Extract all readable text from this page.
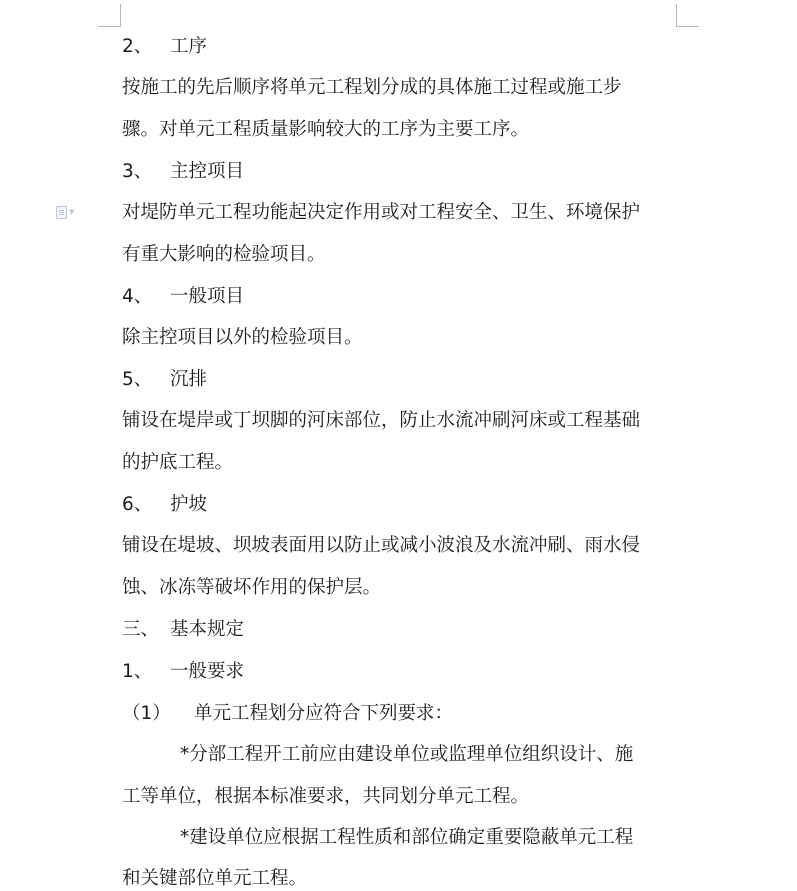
▼
2、 工序
按施工的先后顺序将单元工程划分成的具体施工过程或施工步
骤。对单元工程质量影响较大的工序为主要工序。
3、 主控项目
对堤防单元工程功能起决定作用或对工程安全、卫生、环境保护
有重大影响的检验项目。
4、 一般项目
除主控项目以外的检验项目。
5、 沉排
铺设在堤岸或丁坝脚的河床部位，防止水流冲刷河床或工程基础
的护底工程。
6、 护坡
铺设在堤坡、坝坡表面用以防止或减小波浪及水流冲刷、雨水侵
蚀、冰冻等破坏作用的保护层。
三、 基本规定
1、 一般要求
（1） 单元工程划分应符合下列要求：
*分部工程开工前应由建设单位或监理单位组织设计、施
工等单位，根据本标准要求，共同划分单元工程。
*建设单位应根据工程性质和部位确定重要隐蔽单元工程
和关键部位单元工程。
